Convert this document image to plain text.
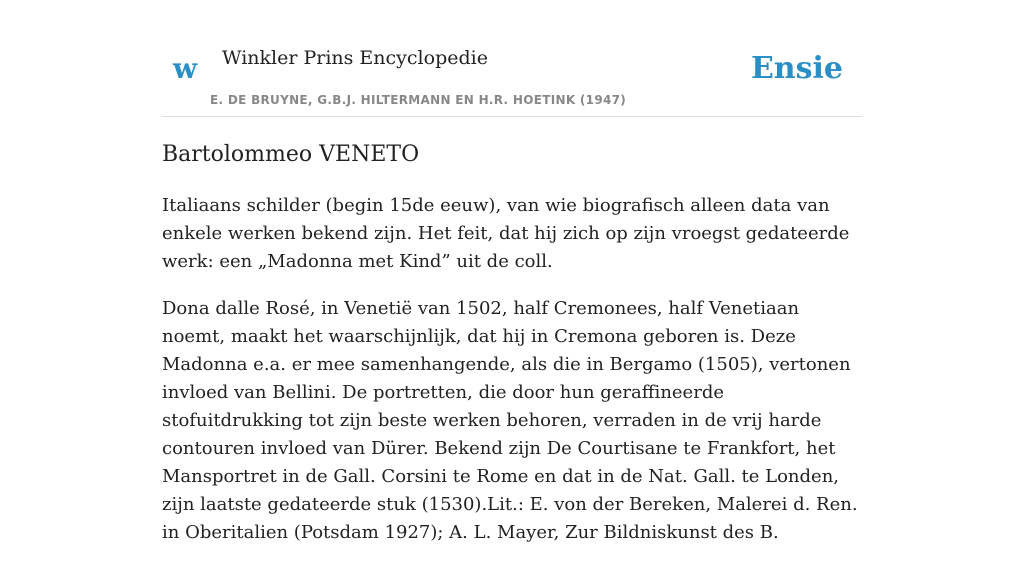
w Winkler Prins Encyclopedie
E. DE BRUYNE, G.B.J. HILTERMANN EN H.R. HOETINK (1947)
Ensie
Bartolommeo VENETO

Italiaans schilder (begin 15de eeuw), van wie biografisch alleen data van enkele werken bekend zijn. Het feit, dat hij zich op zijn vroegst gedateerde werk: een „Madonna met Kind” uit de coll.

Dona dalle Rosé, in Venetië van 1502, half Cremonees, half Venetiaan noemt, maakt het waarschijnlijk, dat hij in Cremona geboren is. Deze Madonna e.a. er mee samenhangende, als die in Bergamo (1505), vertonen invloed van Bellini. De portretten, die door hun geraffineerde stofuitdrukking tot zijn beste werken behoren, verraden in de vrij harde contouren invloed van Dürer. Bekend zijn De Courtisane te Frankfort, het Mansportret in de Gall. Corsini te Rome en dat in de Nat. Gall. te Londen, zijn laatste gedateerde stuk (1530).Lit.: E. von der Bereken, Malerei d. Ren. in Oberitalien (Potsdam 1927); A. L. Mayer, Zur Bildniskunst des B.
